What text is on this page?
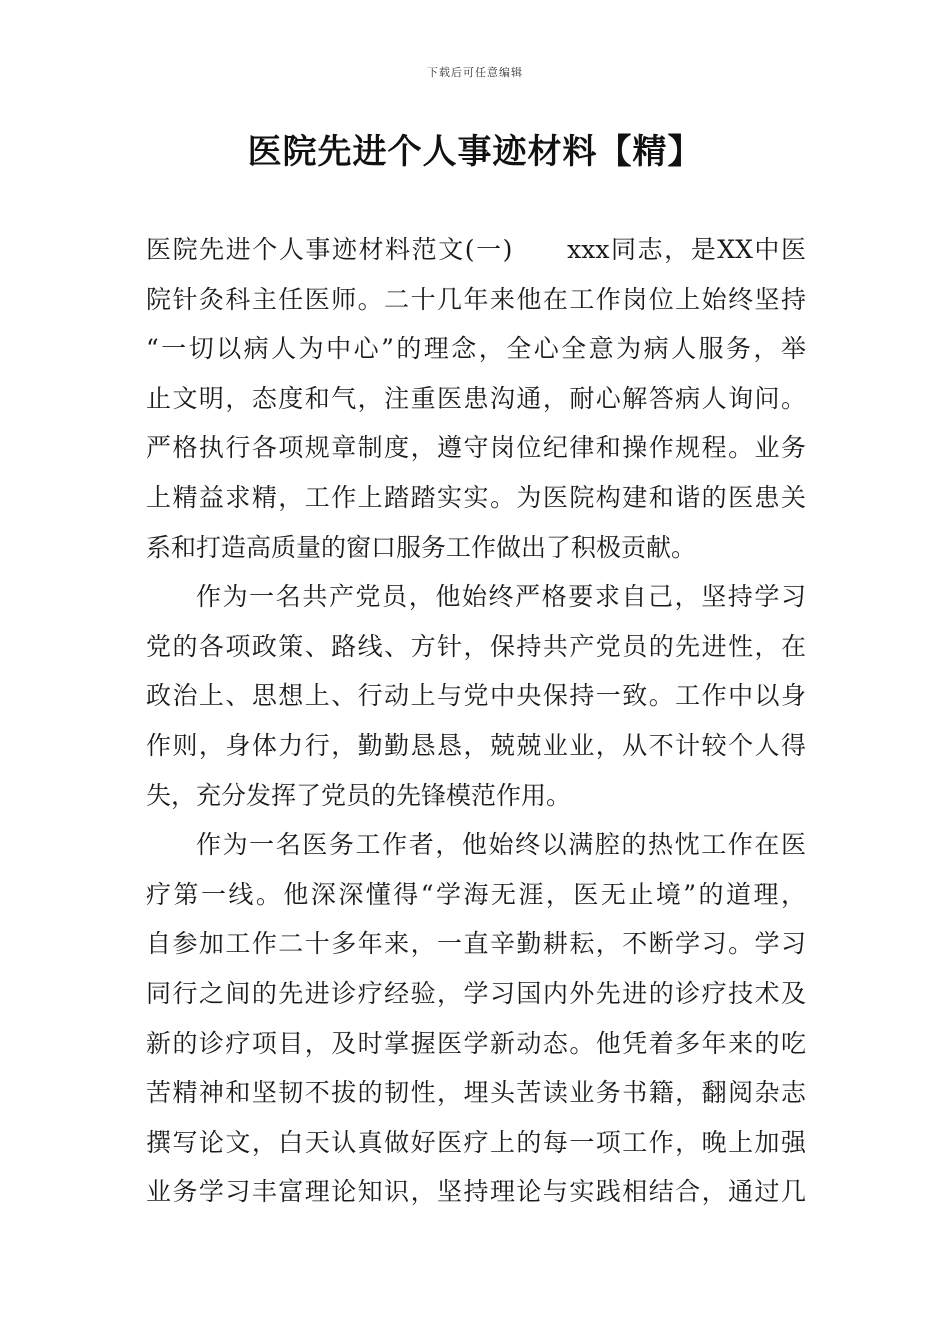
下载后可任意编辑
医院先进个人事迹材料【精】
医院先进个人事迹材料范文(一)　　xxx同志，是XX中医
院针灸科主任医师。二十几年来他在工作岗位上始终坚持
“一切以病人为中心”的理念，全心全意为病人服务，举
止文明，态度和气，注重医患沟通，耐心解答病人询问。
严格执行各项规章制度，遵守岗位纪律和操作规程。业务
上精益求精，工作上踏踏实实。为医院构建和谐的医患关
系和打造高质量的窗口服务工作做出了积极贡献。
作为一名共产党员，他始终严格要求自己，坚持学习
党的各项政策、路线、方针，保持共产党员的先进性，在
政治上、思想上、行动上与党中央保持一致。工作中以身
作则，身体力行，勤勤恳恳，兢兢业业，从不计较个人得
失，充分发挥了党员的先锋模范作用。
作为一名医务工作者，他始终以满腔的热忱工作在医
疗第一线。他深深懂得“学海无涯，医无止境”的道理，
自参加工作二十多年来，一直辛勤耕耘，不断学习。学习
同行之间的先进诊疗经验，学习国内外先进的诊疗技术及
新的诊疗项目，及时掌握医学新动态。他凭着多年来的吃
苦精神和坚韧不拔的韧性，埋头苦读业务书籍，翻阅杂志
撰写论文，白天认真做好医疗上的每一项工作，晚上加强
业务学习丰富理论知识，坚持理论与实践相结合，通过几
